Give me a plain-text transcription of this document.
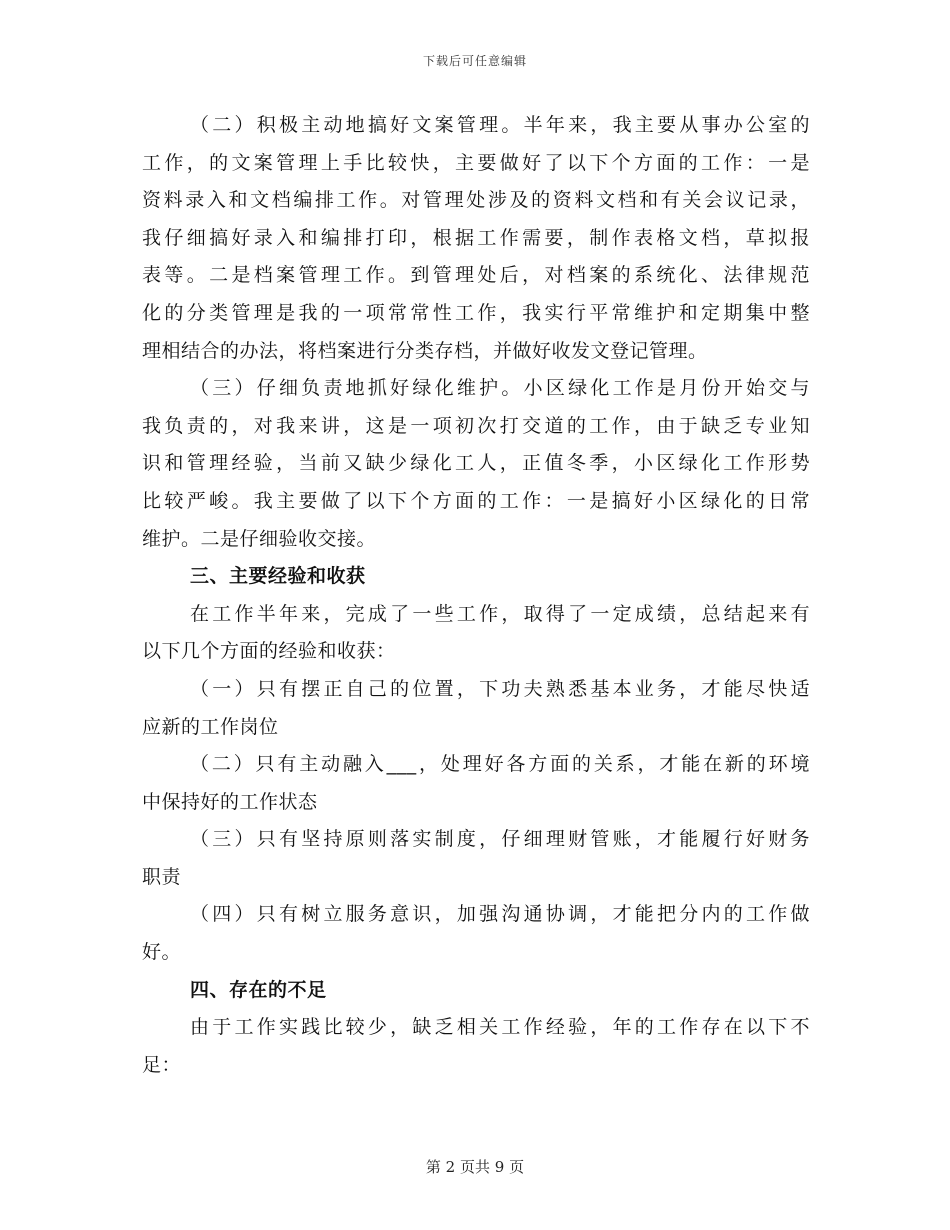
下载后可任意编辑
（二）积极主动地搞好文案管理。半年来，我主要从事办公室的
工作，的文案管理上手比较快，主要做好了以下个方面的工作：一是
资料录入和文档编排工作。对管理处涉及的资料文档和有关会议记录，
我仔细搞好录入和编排打印，根据工作需要，制作表格文档，草拟报
表等。二是档案管理工作。到管理处后，对档案的系统化、法律规范
化的分类管理是我的一项常常性工作，我实行平常维护和定期集中整
理相结合的办法，将档案进行分类存档，并做好收发文登记管理。
（三）仔细负责地抓好绿化维护。小区绿化工作是月份开始交与
我负责的，对我来讲，这是一项初次打交道的工作，由于缺乏专业知
识和管理经验，当前又缺少绿化工人，正值冬季，小区绿化工作形势
比较严峻。我主要做了以下个方面的工作：一是搞好小区绿化的日常
维护。二是仔细验收交接。
三、主要经验和收获
在工作半年来，完成了一些工作，取得了一定成绩，总结起来有
以下几个方面的经验和收获：
（一）只有摆正自己的位置，下功夫熟悉基本业务，才能尽快适
应新的工作岗位
（二）只有主动融入___，处理好各方面的关系，才能在新的环境
中保持好的工作状态
（三）只有坚持原则落实制度，仔细理财管账，才能履行好财务
职责
（四）只有树立服务意识，加强沟通协调，才能把分内的工作做
好。
四、存在的不足
由于工作实践比较少，缺乏相关工作经验，年的工作存在以下不
足：
第 2 页共 9 页
